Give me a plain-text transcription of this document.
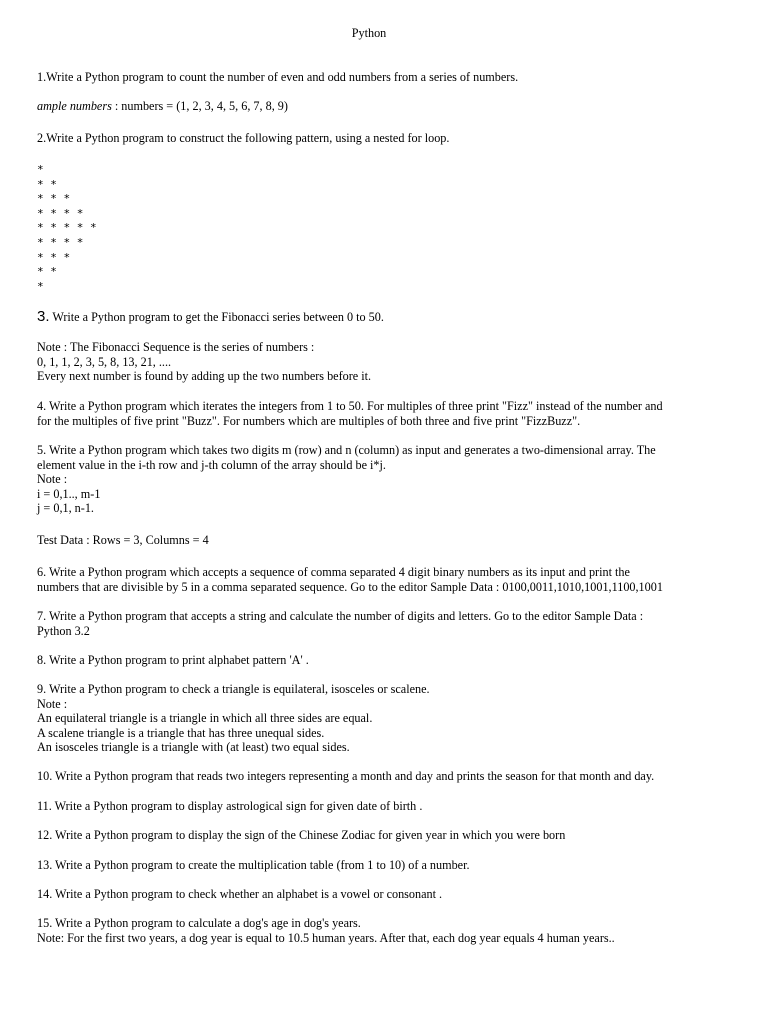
Python
1.Write a Python program to count the number of even and odd numbers from a series of numbers.
ample numbers : numbers = (1, 2, 3, 4, 5, 6, 7, 8, 9)
2.Write a Python program to construct the following pattern, using a nested for loop.
*
* *
* * *
* * * *
* * * * *
* * * *
* * *
* *
*
3. Write a Python program to get the Fibonacci series between 0 to 50.
Note : The Fibonacci Sequence is the series of numbers :
0, 1, 1, 2, 3, 5, 8, 13, 21, ....
Every next number is found by adding up the two numbers before it.
4. Write a Python program which iterates the integers from 1 to 50. For multiples of three print "Fizz" instead of the number and
for the multiples of five print "Buzz". For numbers which are multiples of both three and five print "FizzBuzz".
5. Write a Python program which takes two digits m (row) and n (column) as input and generates a two-dimensional array. The
element value in the i-th row and j-th column of the array should be i*j.
Note :
i = 0,1.., m-1
j = 0,1, n-1.
Test Data : Rows = 3, Columns = 4
6. Write a Python program which accepts a sequence of comma separated 4 digit binary numbers as its input and print the
numbers that are divisible by 5 in a comma separated sequence. Go to the editor Sample Data : 0100,0011,1010,1001,1100,1001
7. Write a Python program that accepts a string and calculate the number of digits and letters. Go to the editor Sample Data :
Python 3.2
8. Write a Python program to print alphabet pattern 'A' .
9. Write a Python program to check a triangle is equilateral, isosceles or scalene.
Note :
An equilateral triangle is a triangle in which all three sides are equal.
A scalene triangle is a triangle that has three unequal sides.
An isosceles triangle is a triangle with (at least) two equal sides.
10. Write a Python program that reads two integers representing a month and day and prints the season for that month and day.
11. Write a Python program to display astrological sign for given date of birth .
12. Write a Python program to display the sign of the Chinese Zodiac for given year in which you were born
13. Write a Python program to create the multiplication table (from 1 to 10) of a number.
14. Write a Python program to check whether an alphabet is a vowel or consonant .
15. Write a Python program to calculate a dog's age in dog's years.
Note: For the first two years, a dog year is equal to 10.5 human years. After that, each dog year equals 4 human years..
